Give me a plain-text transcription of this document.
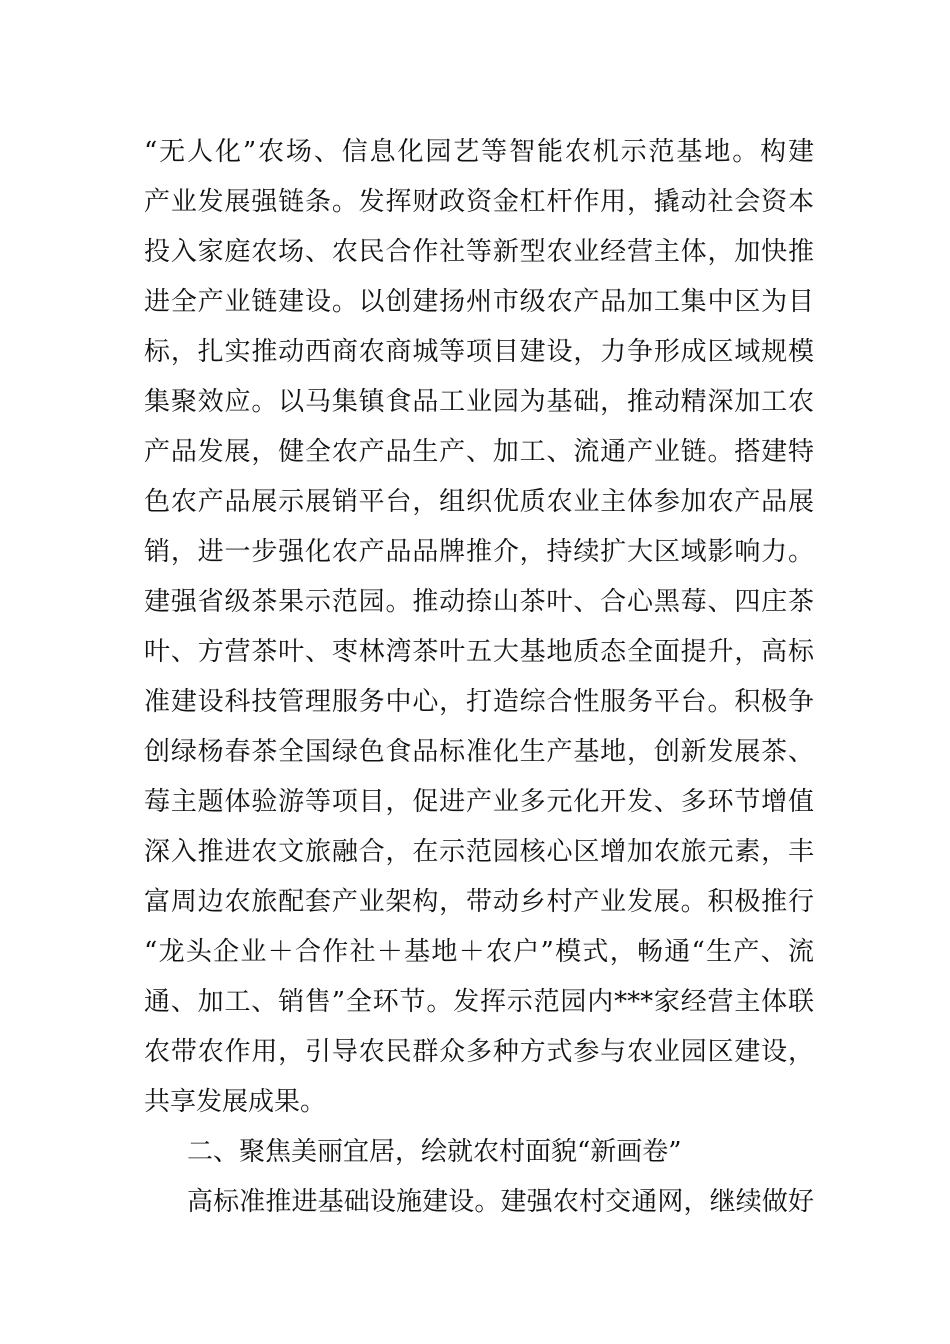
“无人化”农场、信息化园艺等智能农机示范基地。构建
产业发展强链条。发挥财政资金杠杆作用，撬动社会资本
投入家庭农场、农民合作社等新型农业经营主体，加快推
进全产业链建设。以创建扬州市级农产品加工集中区为目
标，扎实推动西商农商城等项目建设，力争形成区域规模
集聚效应。以马集镇食品工业园为基础，推动精深加工农
产品发展，健全农产品生产、加工、流通产业链。搭建特
色农产品展示展销平台，组织优质农业主体参加农产品展
销，进一步强化农产品品牌推介，持续扩大区域影响力。
建强省级茶果示范园。推动捺山茶叶、合心黑莓、四庄茶
叶、方营茶叶、枣林湾茶叶五大基地质态全面提升，高标
准建设科技管理服务中心，打造综合性服务平台。积极争
创绿杨春茶全国绿色食品标准化生产基地，创新发展茶、
莓主题体验游等项目，促进产业多元化开发、多环节增值
深入推进农文旅融合，在示范园核心区增加农旅元素，丰
富周边农旅配套产业架构，带动乡村产业发展。积极推行
“龙头企业＋合作社＋基地＋农户”模式，畅通“生产、流
通、加工、销售”全环节。发挥示范园内***家经营主体联
农带农作用，引导农民群众多种方式参与农业园区建设，
共享发展成果。
二、聚焦美丽宜居，绘就农村面貌“新画卷”
高标准推进基础设施建设。建强农村交通网，继续做好
